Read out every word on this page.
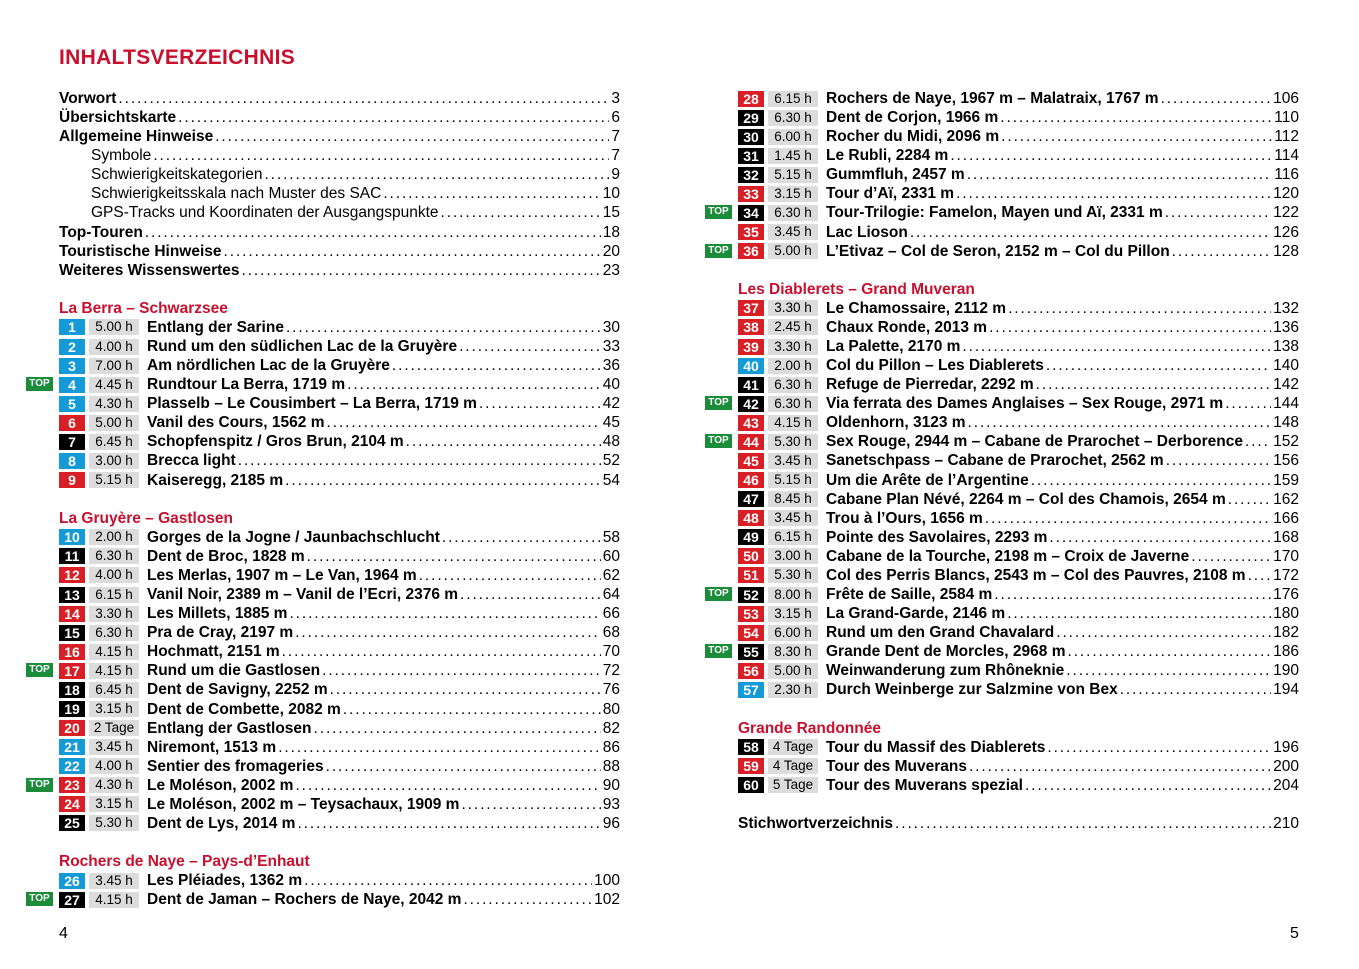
INHALTSVERZEICHNIS
Vorwort . . .	3
Übersichtskarte . . .	6
Allgemeine Hinweise . . .	7
Symbole . . .	7
Schwierigkeitskategorien . . .	9
Schwierigkeitsskala nach Muster des SAC . . .	10
GPS-Tracks und Koordinaten der Ausgangspunkte . . .	15
Top-Touren . . .	18
Touristische Hinweise . . .	20
Weiteres Wissenswertes . . .	23
La Berra – Schwarzsee
1	5.00 h Entlang der Sarine . . .	30
2	4.00 h Rund um den südlichen Lac de la Gruyère . . .	33
3	7.00 h Am nördlichen Lac de la Gruyère . . .	36
TOP	4	4.45 h Rundtour La Berra, 1719 m . . .	40
5	4.30 h Plasselb – Le Cousimbert – La Berra, 1719 m . . .	42
6	5.00 h Vanil des Cours, 1562 m . . .	45
7	6.45 h Schopfenspitz / Gros Brun, 2104 m . . .	48
8	3.00 h Brecca light . . .	52
9	5.15 h Kaiseregg, 2185 m . . .	54
La Gruyère – Gastlosen
10	2.00 h Gorges de la Jogne / Jaunbachschlucht . . .	58
11	6.30 h Dent de Broc, 1828 m . . .	60
12	4.00 h Les Merlas, 1907 m – Le Van, 1964 m . . .	62
13	6.15 h Vanil Noir, 2389 m – Vanil de l’Ecri, 2376 m . . .	64
14	3.30 h Les Millets, 1885 m . . .	66
15	6.30 h Pra de Cray, 2197 m . . .	68
16	4.15 h Hochmatt, 2151 m . . .	70
TOP	17	4.15 h Rund um die Gastlosen . . .	72
18	6.45 h Dent de Savigny, 2252 m . . .	76
19	3.15 h Dent de Combette, 2082 m . . .	80
20	2 Tage Entlang der Gastlosen . . .	82
21	3.45 h Niremont, 1513 m . . .	86
22	4.00 h Sentier des fromageries . . .	88
TOP	23	4.30 h Le Moléson, 2002 m . . .	90
24	3.15 h Le Moléson, 2002 m – Teysachaux, 1909 m . . .	93
25	5.30 h Dent de Lys, 2014 m . . .	96
Rochers de Naye – Pays-d’Enhaut
26	3.45 h Les Pléiades, 1362 m . . .	100
TOP	27	4.15 h Dent de Jaman – Rochers de Naye, 2042 m . . .	102
28	6.15 h Rochers de Naye, 1967 m – Malatraix, 1767 m . . .	106
29	6.30 h Dent de Corjon, 1966 m . . .	110
30	6.00 h Rocher du Midi, 2096 m . . .	112
31	1.45 h Le Rubli, 2284 m . . .	114
32	5.15 h Gummfluh, 2457 m . . .	116
33	3.15 h Tour d’Aï, 2331 m . . .	120
TOP	34	6.30 h Tour-Trilogie: Famelon, Mayen und Aï, 2331 m . . .	122
35	3.45 h Lac Lioson . . .	126
TOP	36	5.00 h L’Etivaz – Col de Seron, 2152 m – Col du Pillon . . .	128
Les Diablerets – Grand Muveran
37	3.30 h Le Chamossaire, 2112 m . . .	132
38	2.45 h Chaux Ronde, 2013 m . . .	136
39	3.30 h La Palette, 2170 m . . .	138
40	2.00 h Col du Pillon – Les Diablerets . . .	140
41	6.30 h Refuge de Pierredar, 2292 m . . .	142
TOP	42	6.30 h Via ferrata des Dames Anglaises – Sex Rouge, 2971 m . . .	144
43	4.15 h Oldenhorn, 3123 m . . .	148
TOP	44	5.30 h Sex Rouge, 2944 m – Cabane de Prarochet – Derborence . . . 152
45	3.45 h Sanetschpass – Cabane de Prarochet, 2562 m . . .	156
46	5.15 h Um die Arête de l’Argentine . . .	159
47	8.45 h Cabane Plan Névé, 2264 m – Col des Chamois, 2654 m . . .	162
48	3.45 h Trou à l’Ours, 1656 m . . .	166
49	6.15 h Pointe des Savolaires, 2293 m . . .	168
50	3.00 h Cabane de la Tourche, 2198 m – Croix de Javerne . . .	170
51	5.30 h Col des Perris Blancs, 2543 m – Col des Pauvres, 2108 m . . . 172
TOP	52	8.00 h Frête de Saille, 2584 m . . .	176
53	3.15 h La Grand-Garde, 2146 m . . .	180
54	6.00 h Rund um den Grand Chavalard . . .	182
TOP	55	8.30 h Grande Dent de Morcles, 2968 m . . .	186
56	5.00 h Weinwanderung zum Rhôneknie . . .	190
57	2.30 h Durch Weinberge zur Salzmine von Bex . . .	194
Grande Randonnée
58	4 Tage Tour du Massif des Diablerets . . .	196
59	4 Tage Tour des Muverans . . .	200
60	5 Tage Tour des Muverans spezial . . .	204
Stichwortverzeichnis . . .	210
4	5
